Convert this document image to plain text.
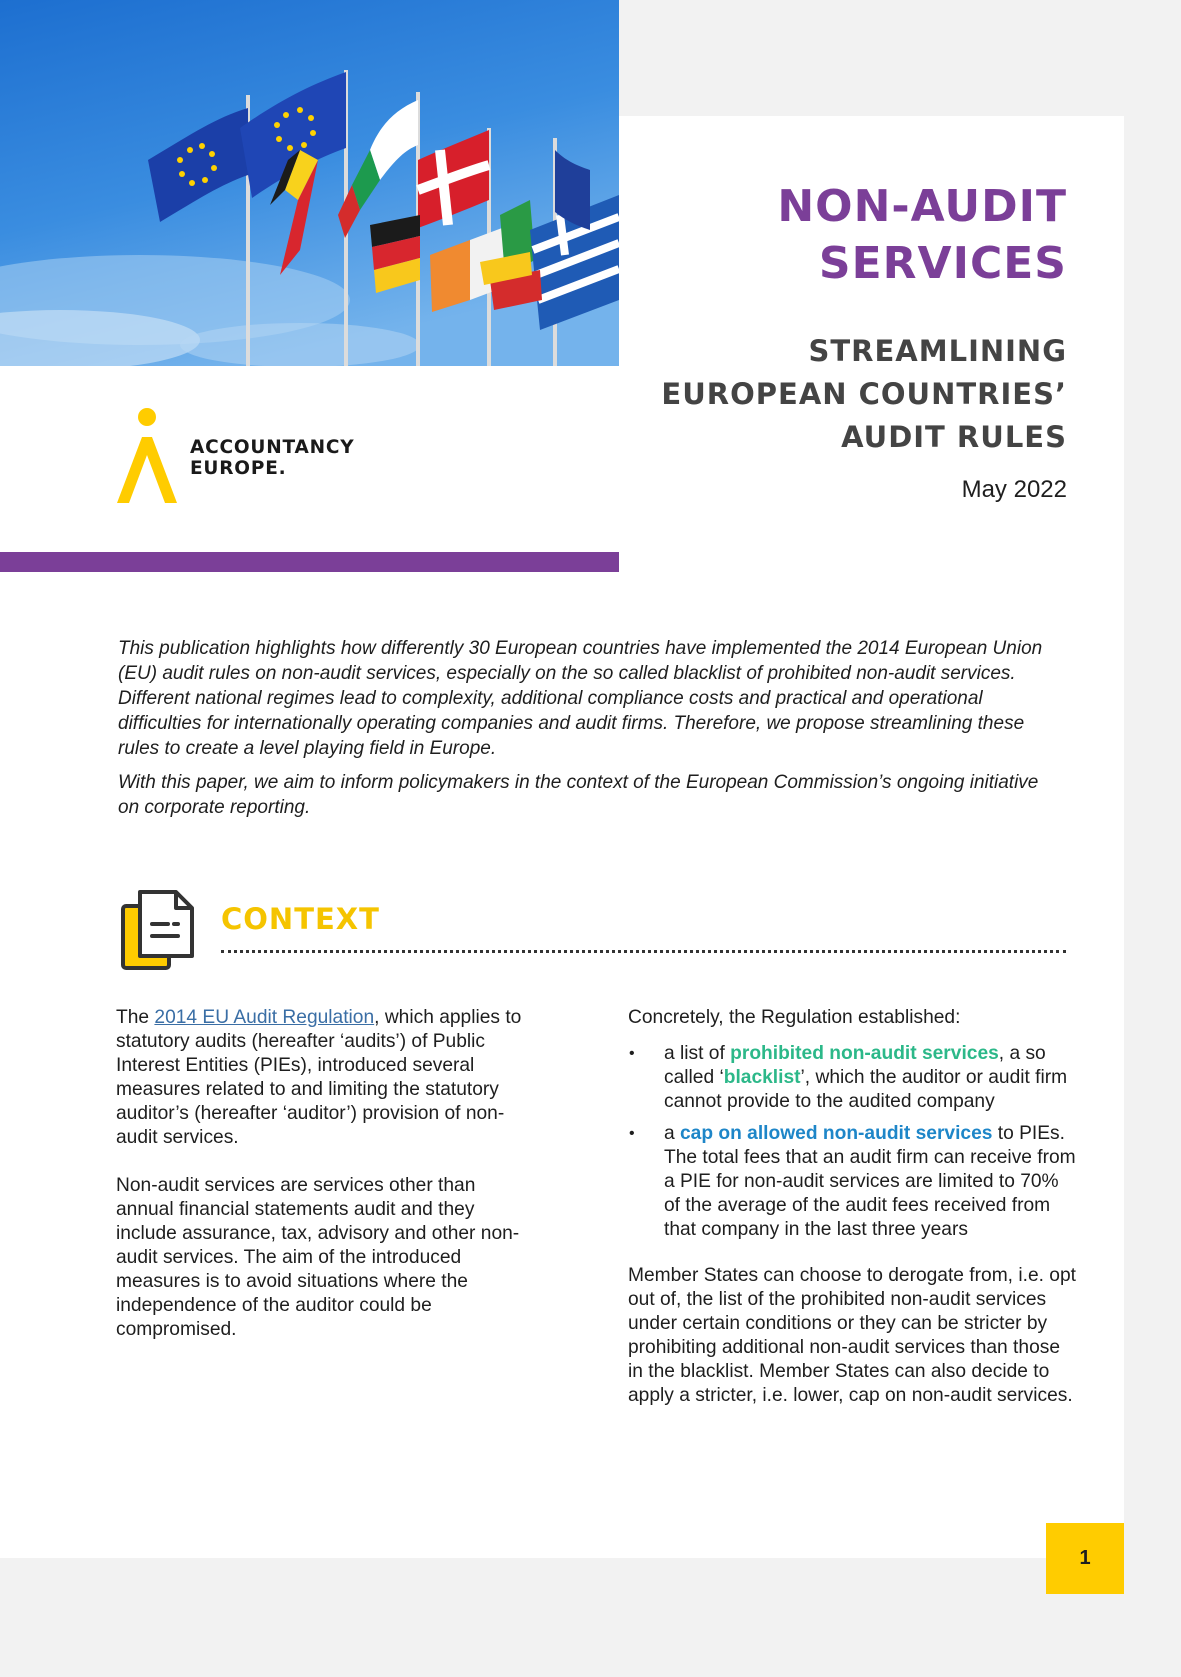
ACCOUNTANCY
EUROPE.
NON-AUDIT
SERVICES
STREAMLINING
EUROPEAN COUNTRIES’
AUDIT RULES
May 2022

This publication highlights how differently 30 European countries have implemented the 2014 European Union (EU) audit rules on non-audit services, especially on the so called blacklist of prohibited non-audit services. Different national regimes lead to complexity, additional compliance costs and practical and operational difficulties for internationally operating companies and audit firms. Therefore, we propose streamlining these rules to create a level playing field in Europe.

With this paper, we aim to inform policymakers in the context of the European Commission’s ongoing initiative on corporate reporting.

CONTEXT

The 2014 EU Audit Regulation, which applies to statutory audits (hereafter ‘audits’) of Public Interest Entities (PIEs), introduced several measures related to and limiting the statutory auditor’s (hereafter ‘auditor’) provision of non-audit services.

Non-audit services are services other than annual financial statements audit and they include assurance, tax, advisory and other non-audit services. The aim of the introduced measures is to avoid situations where the independence of the auditor could be compromised.

Concretely, the Regulation established:

• a list of prohibited non-audit services, a so called ‘blacklist’, which the auditor or audit firm cannot provide to the audited company
• a cap on allowed non-audit services to PIEs. The total fees that an audit firm can receive from a PIE for non-audit services are limited to 70% of the average of the audit fees received from that company in the last three years

Member States can choose to derogate from, i.e. opt out of, the list of the prohibited non-audit services under certain conditions or they can be stricter by prohibiting additional non-audit services than those in the blacklist. Member States can also decide to apply a stricter, i.e. lower, cap on non-audit services.

1
